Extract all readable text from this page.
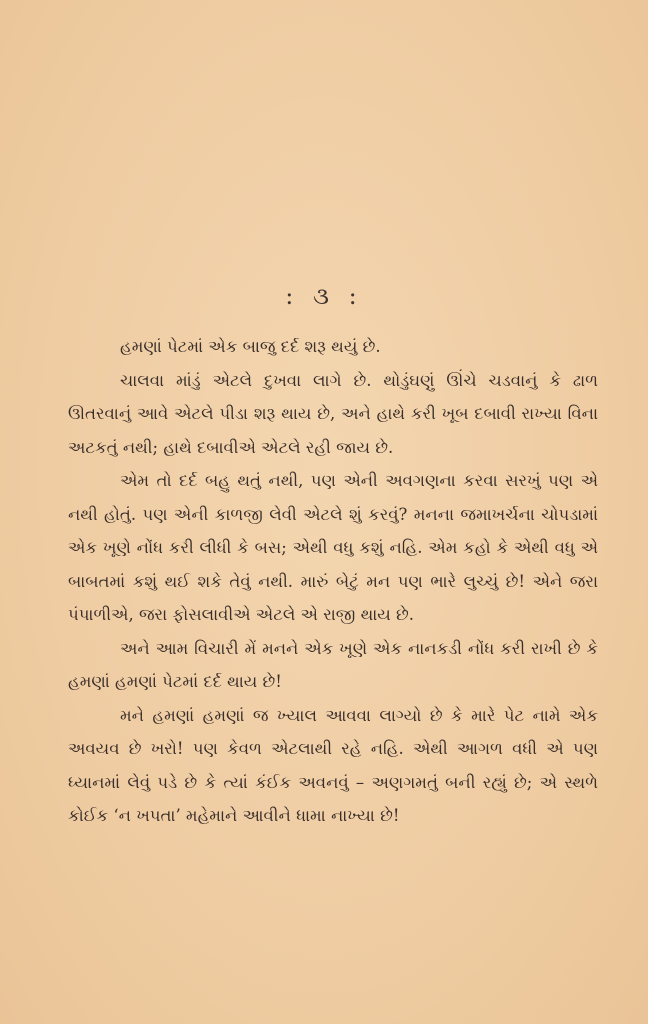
: ૩ :

હમણાં પેટમાં એક બાજુ દર્દ શરૂ થયું છે.

ચાલવા માંડું એટલે દુખવા લાગે છે. થોડુંઘણું ઊંચે ચડવાનું કે ઢાળ ઊતરવાનું આવે એટલે પીડા શરૂ થાય છે, અને હાથે કરી ખૂબ દબાવી રાખ્યા વિના અટકતું નથી; હાથે દબાવીએ એટલે રહી જાય છે.

એમ તો દર્દ બહુ થતું નથી, પણ એની અવગણના કરવા સરખું પણ એ નથી હોતું. પણ એની કાળજી લેવી એટલે શું કરવું? મનના જમાખર્ચના ચોપડામાં એક ખૂણે નોંધ કરી લીધી કે બસ; એથી વધુ કશું નહિ. એમ કહો કે એથી વધુ એ બાબતમાં કશું થઈ શકે તેવું નથી. મારું બેટું મન પણ ભારે લુચ્ચું છે! એને જરા પંપાળીએ, જરા ફોસલાવીએ એટલે એ રાજી થાય છે.

અને આમ વિચારી મેં મનને એક ખૂણે એક નાનકડી નોંધ કરી રાખી છે કે હમણાં હમણાં પેટમાં દર્દ થાય છે!

મને હમણાં હમણાં જ ખ્યાલ આવવા લાગ્યો છે કે મારે પેટ નામે એક અવયવ છે ખરો! પણ કેવળ એટલાથી રહે નહિ. એથી આગળ વધી એ પણ ધ્યાનમાં લેવું પડે છે કે ત્યાં કંઈક અવનવું – અણગમતું બની રહ્યું છે; એ સ્થળે કોઈક ‘ન ખપતા’ મહેમાને આવીને ધામા નાખ્યા છે!
